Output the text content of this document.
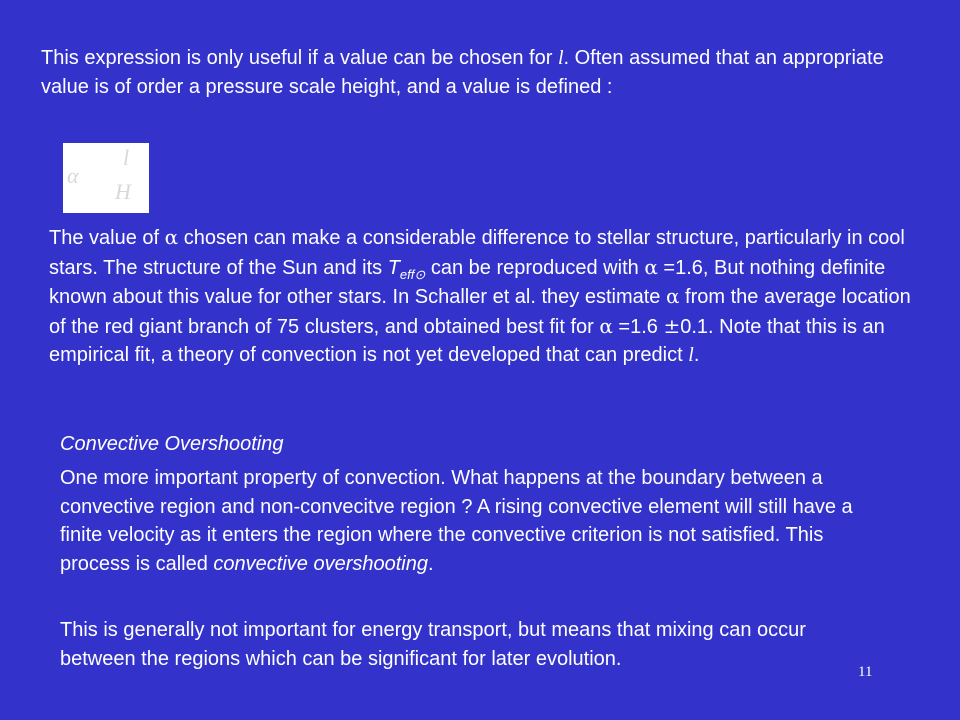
This expression is only useful if a value can be chosen for l. Often assumed that an appropriate value is of order a pressure scale height, and a value is defined :

α
l
H

The value of α chosen can make a considerable difference to stellar structure, particularly in cool stars. The structure of the Sun and its $T_{eff⊙}$ can be reproduced with α =1.6, But nothing definite known about this value for other stars. In Schaller et al. they estimate α from the average location of the red giant branch of 75 clusters, and obtained best fit for α =1.6 ±0.1. Note that this is an empirical fit, a theory of convection is not yet developed that can predict l.

Convective Overshooting

One more important property of convection. What happens at the boundary between a convective region and non-convecitve region ? A rising convective element will still have a finite velocity as it enters the region where the convective criterion is not satisfied. This process is called convective overshooting.

This is generally not important for energy transport, but means that mixing can occur between the regions which can be significant for later evolution.

11
